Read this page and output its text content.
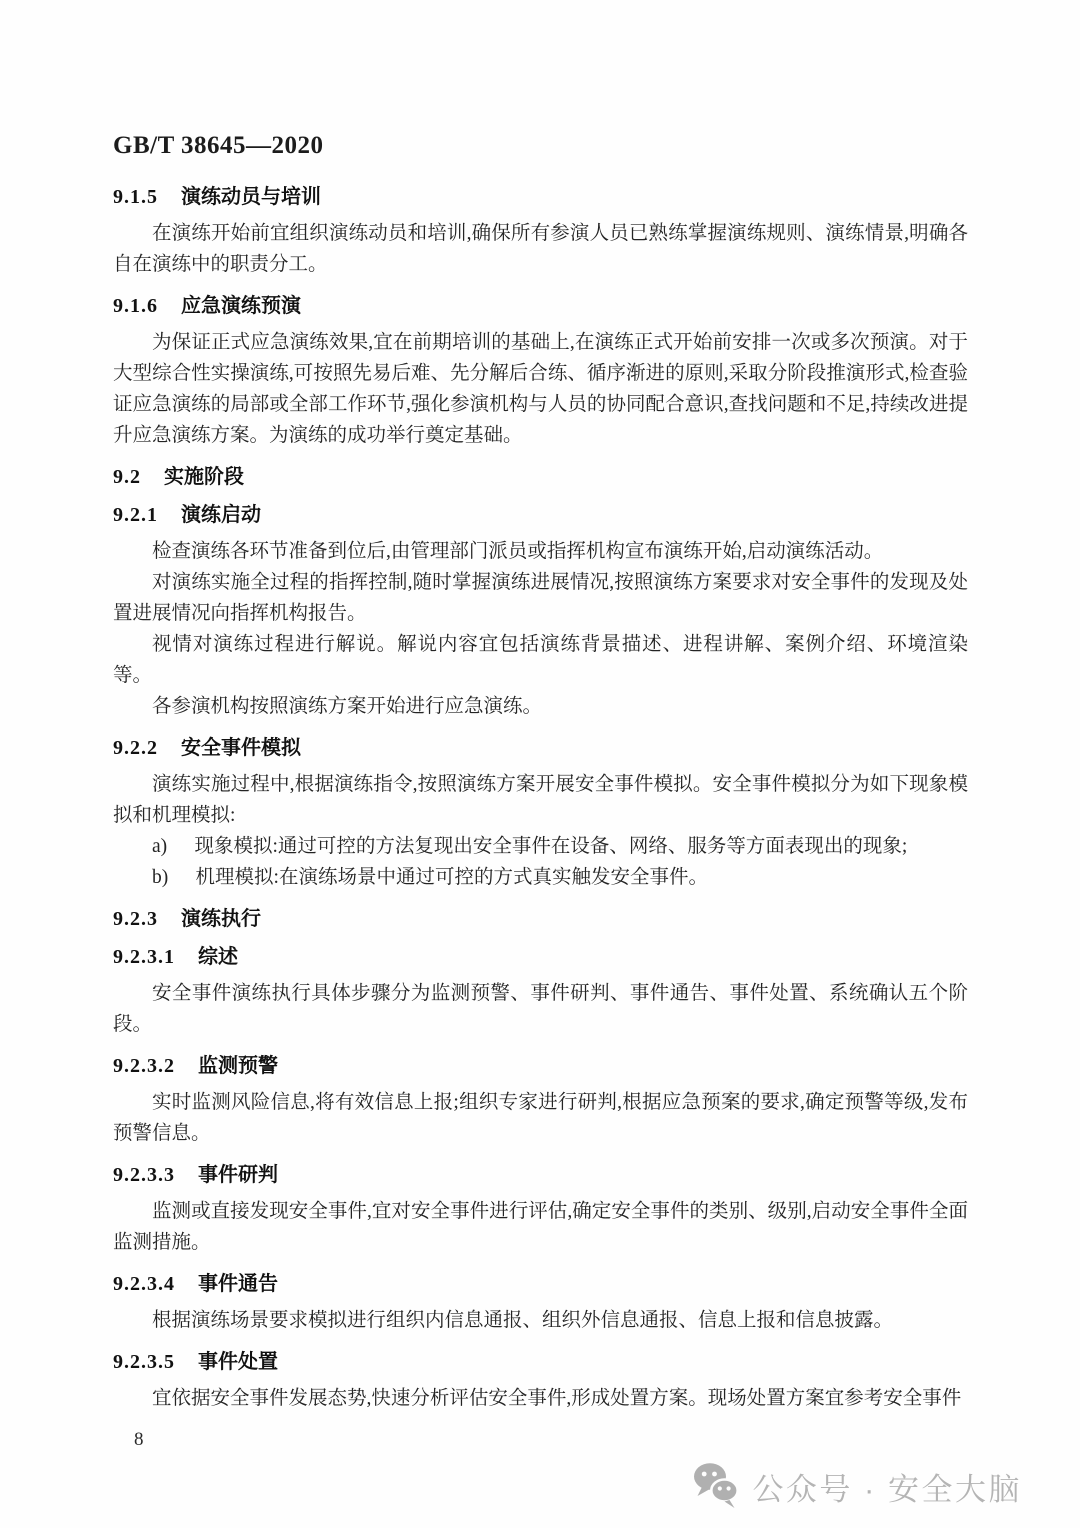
GB/T 38645—2020
9.1.5 演练动员与培训

在演练开始前宜组织演练动员和培训,确保所有参演人员已熟练掌握演练规则、演练情景,明确各自在演练中的职责分工。

9.1.6 应急演练预演

为保证正式应急演练效果,宜在前期培训的基础上,在演练正式开始前安排一次或多次预演。对于大型综合性实操演练,可按照先易后难、先分解后合练、循序渐进的原则,采取分阶段推演形式,检查验证应急演练的局部或全部工作环节,强化参演机构与人员的协同配合意识,查找问题和不足,持续改进提升应急演练方案。为演练的成功举行奠定基础。

9.2 实施阶段
9.2.1 演练启动

检查演练各环节准备到位后,由管理部门派员或指挥机构宣布演练开始,启动演练活动。

对演练实施全过程的指挥控制,随时掌握演练进展情况,按照演练方案要求对安全事件的发现及处置进展情况向指挥机构报告。

视情对演练过程进行解说。解说内容宜包括演练背景描述、进程讲解、案例介绍、环境渲染等。

各参演机构按照演练方案开始进行应急演练。

9.2.2 安全事件模拟

演练实施过程中,根据演练指令,按照演练方案开展安全事件模拟。安全事件模拟分为如下现象模拟和机理模拟:

a) 现象模拟:通过可控的方法复现出安全事件在设备、网络、服务等方面表现出的现象;

b) 机理模拟:在演练场景中通过可控的方式真实触发安全事件。

9.2.3 演练执行
9.2.3.1 综述

安全事件演练执行具体步骤分为监测预警、事件研判、事件通告、事件处置、系统确认五个阶段。

9.2.3.2 监测预警

实时监测风险信息,将有效信息上报;组织专家进行研判,根据应急预案的要求,确定预警等级,发布预警信息。

9.2.3.3 事件研判

监测或直接发现安全事件,宜对安全事件进行评估,确定安全事件的类别、级别,启动安全事件全面监测措施。

9.2.3.4 事件通告

根据演练场景要求模拟进行组织内信息通报、组织外信息通报、信息上报和信息披露。

9.2.3.5 事件处置

宜依据安全事件发展态势,快速分析评估安全事件,形成处置方案。现场处置方案宜参考安全事件

8
公众号 · 安全大脑
